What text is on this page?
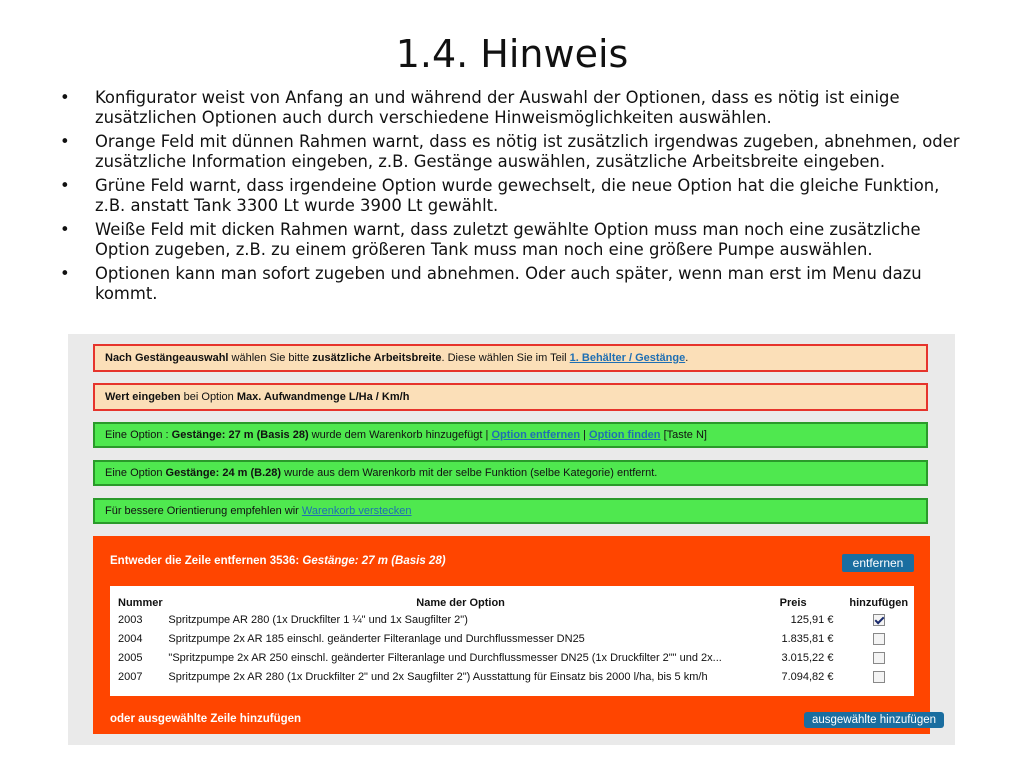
1.4. Hinweis
• Konfigurator weist von Anfang an und während der Auswahl der Optionen, dass es nötig ist einige zusätzlichen Optionen auch durch verschiedene Hinweismöglichkeiten auswählen.
• Orange Feld mit dünnen Rahmen warnt, dass es nötig ist zusätzlich irgendwas zugeben, abnehmen, oder zusätzliche Information eingeben, z.B. Gestänge auswählen, zusätzliche Arbeitsbreite eingeben.
• Grüne Feld warnt, dass irgendeine Option wurde gewechselt, die neue Option hat die gleiche Funktion, z.B. anstatt Tank 3300 Lt wurde 3900 Lt gewählt.
• Weiße Feld mit dicken Rahmen warnt, dass zuletzt gewählte Option muss man noch eine zusätzliche Option zugeben, z.B. zu einem größeren Tank muss man noch eine größere Pumpe auswählen.
• Optionen kann man sofort zugeben und abnehmen. Oder auch später, wenn man erst im Menu dazu kommt.
Nach Gestängeauswahl wählen Sie bitte zusätzliche Arbeitsbreite. Diese wählen Sie im Teil 1. Behälter / Gestänge.
Wert eingeben bei Option Max. Aufwandmenge L/Ha / Km/h
Eine Option : Gestänge: 27 m (Basis 28) wurde dem Warenkorb hinzugefügt | Option entfernen | Option finden [Taste N]
Eine Option Gestänge: 24 m (B.28) wurde aus dem Warenkorb mit der selbe Funktion (selbe Kategorie) entfernt.
Für bessere Orientierung empfehlen wir Warenkorb verstecken
Entweder die Zeile entfernen 3536: Gestänge: 27 m (Basis 28)	entfernen
Nummer	Name der Option	Preis	hinzufügen
2003	Spritzpumpe AR 280 (1x Druckfilter 1 ¼" und 1x Saugfilter 2")	125,91 €	
2004	Spritzpumpe 2x AR 185 einschl. geänderter Filteranlage und Durchflussmesser DN25	1.835,81 €	
2005	"Spritzpumpe 2x AR 250 einschl. geänderter Filteranlage und Durchflussmesser DN25 (1x Druckfilter 2"" und 2x...	3.015,22 €	
2007	Spritzpumpe 2x AR 280 (1x Druckfilter 2" und 2x Saugfilter 2") Ausstattung für Einsatz bis 2000 l/ha, bis 5 km/h	7.094,82 €	
oder ausgewählte Zeile hinzufügen	ausgewählte hinzufügen
